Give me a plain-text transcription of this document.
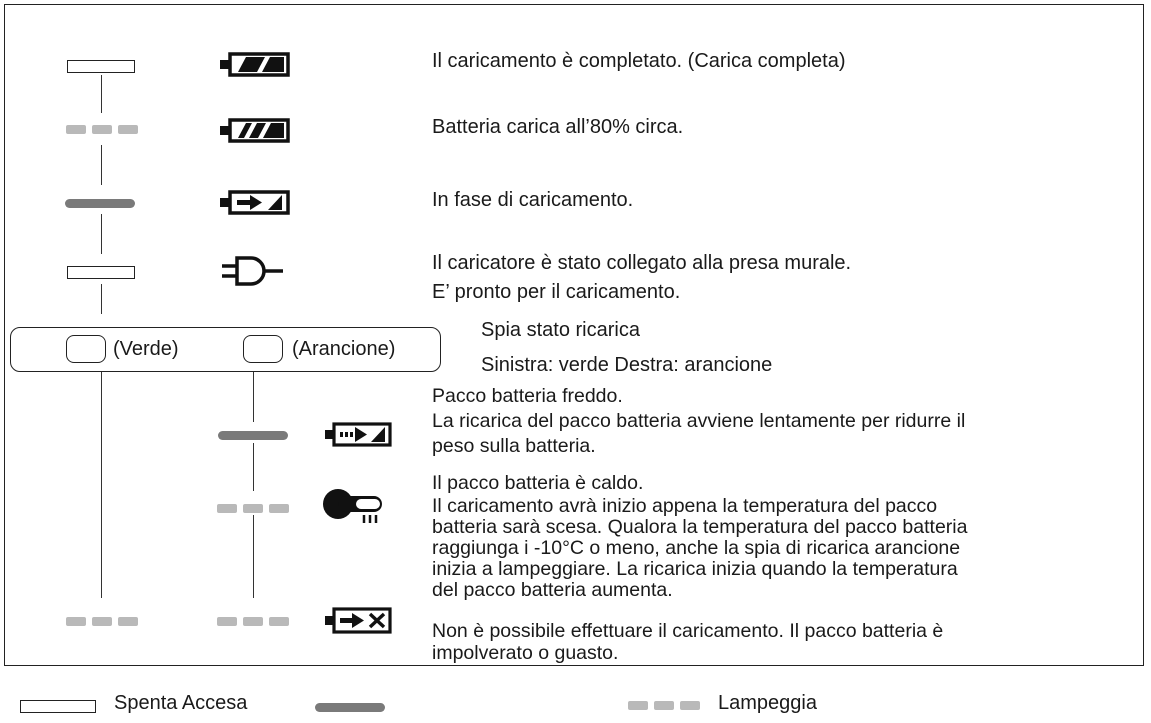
Il caricamento è completato. (Carica completa)
Batteria carica all’80% circa.
In fase di caricamento.
Il caricatore è stato collegato alla presa murale.
E’ pronto per il caricamento.
(Verde)	(Arancione)
Spia stato ricarica
Sinistra: verde Destra: arancione
Pacco batteria freddo.
La ricarica del pacco batteria avviene lentamente per ridurre il
peso sulla batteria.
Il pacco batteria è caldo.
Il caricamento avrà inizio appena la temperatura del pacco
batteria sarà scesa. Qualora la temperatura del pacco batteria
raggiunga i -10°C o meno, anche la spia di ricarica arancione
inizia a lampeggiare. La ricarica inizia quando la temperatura
del pacco batteria aumenta.
Non è possibile effettuare il caricamento. Il pacco batteria è
impolverato o guasto.
Spenta Accesa	Lampeggia
